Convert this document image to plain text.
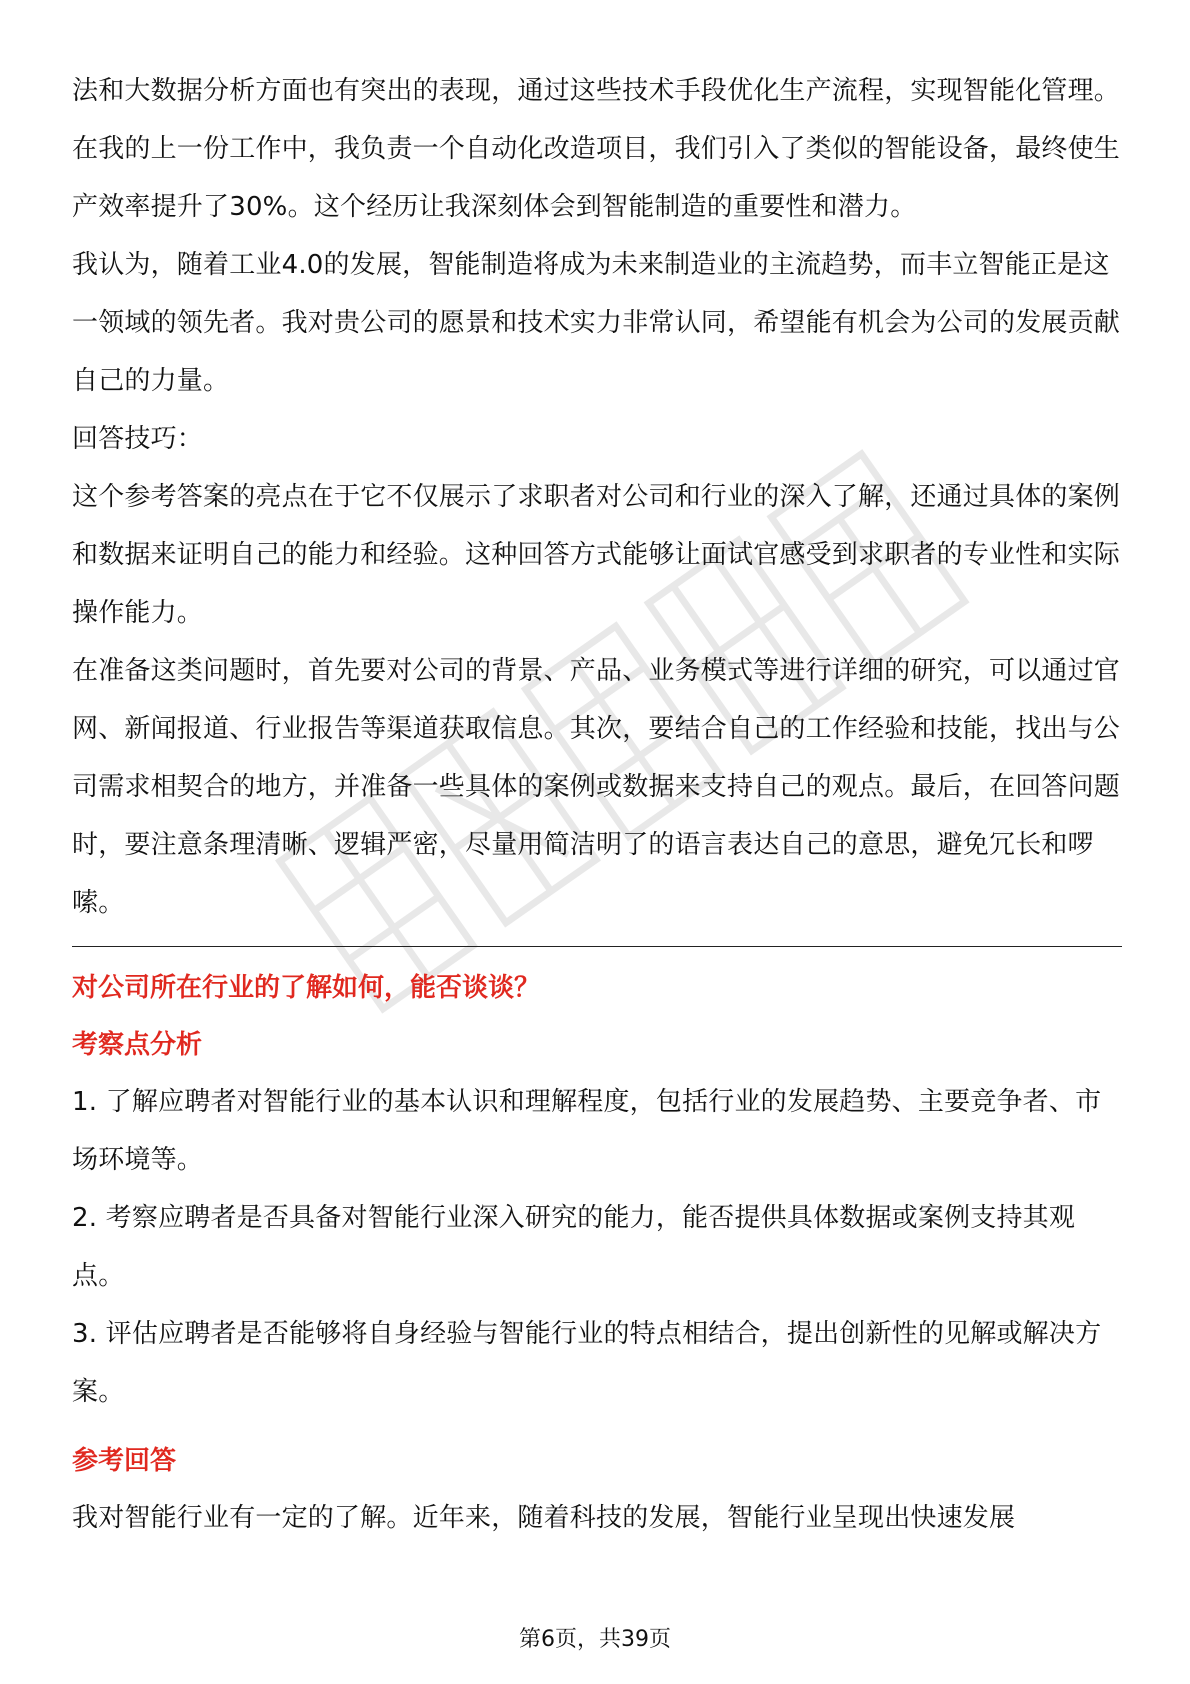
法和大数据分析方面也有突出的表现，通过这些技术手段优化生产流程，实现智能化管理。

在我的上一份工作中，我负责一个自动化改造项目，我们引入了类似的智能设备，最终使生产效率提升了30%。这个经历让我深刻体会到智能制造的重要性和潜力。

我认为，随着工业4.0的发展，智能制造将成为未来制造业的主流趋势，而丰立智能正是这一领域的领先者。我对贵公司的愿景和技术实力非常认同，希望能有机会为公司的发展贡献自己的力量。

回答技巧：

这个参考答案的亮点在于它不仅展示了求职者对公司和行业的深入了解，还通过具体的案例和数据来证明自己的能力和经验。这种回答方式能够让面试官感受到求职者的专业性和实际操作能力。

在准备这类问题时，首先要对公司的背景、产品、业务模式等进行详细的研究，可以通过官网、新闻报道、行业报告等渠道获取信息。其次，要结合自己的工作经验和技能，找出与公司需求相契合的地方，并准备一些具体的案例或数据来支持自己的观点。最后，在回答问题时，要注意条理清晰、逻辑严密，尽量用简洁明了的语言表达自己的意思，避免冗长和啰嗦。

对公司所在行业的了解如何，能否谈谈？

考察点分析

1. 了解应聘者对智能行业的基本认识和理解程度，包括行业的发展趋势、主要竞争者、市场环境等。

2. 考察应聘者是否具备对智能行业深入研究的能力，能否提供具体数据或案例支持其观点。

3. 评估应聘者是否能够将自身经验与智能行业的特点相结合，提出创新性的见解或解决方案。

参考回答

我对智能行业有一定的了解。近年来，随着科技的发展，智能行业呈现出快速发展

第6页，共39页
